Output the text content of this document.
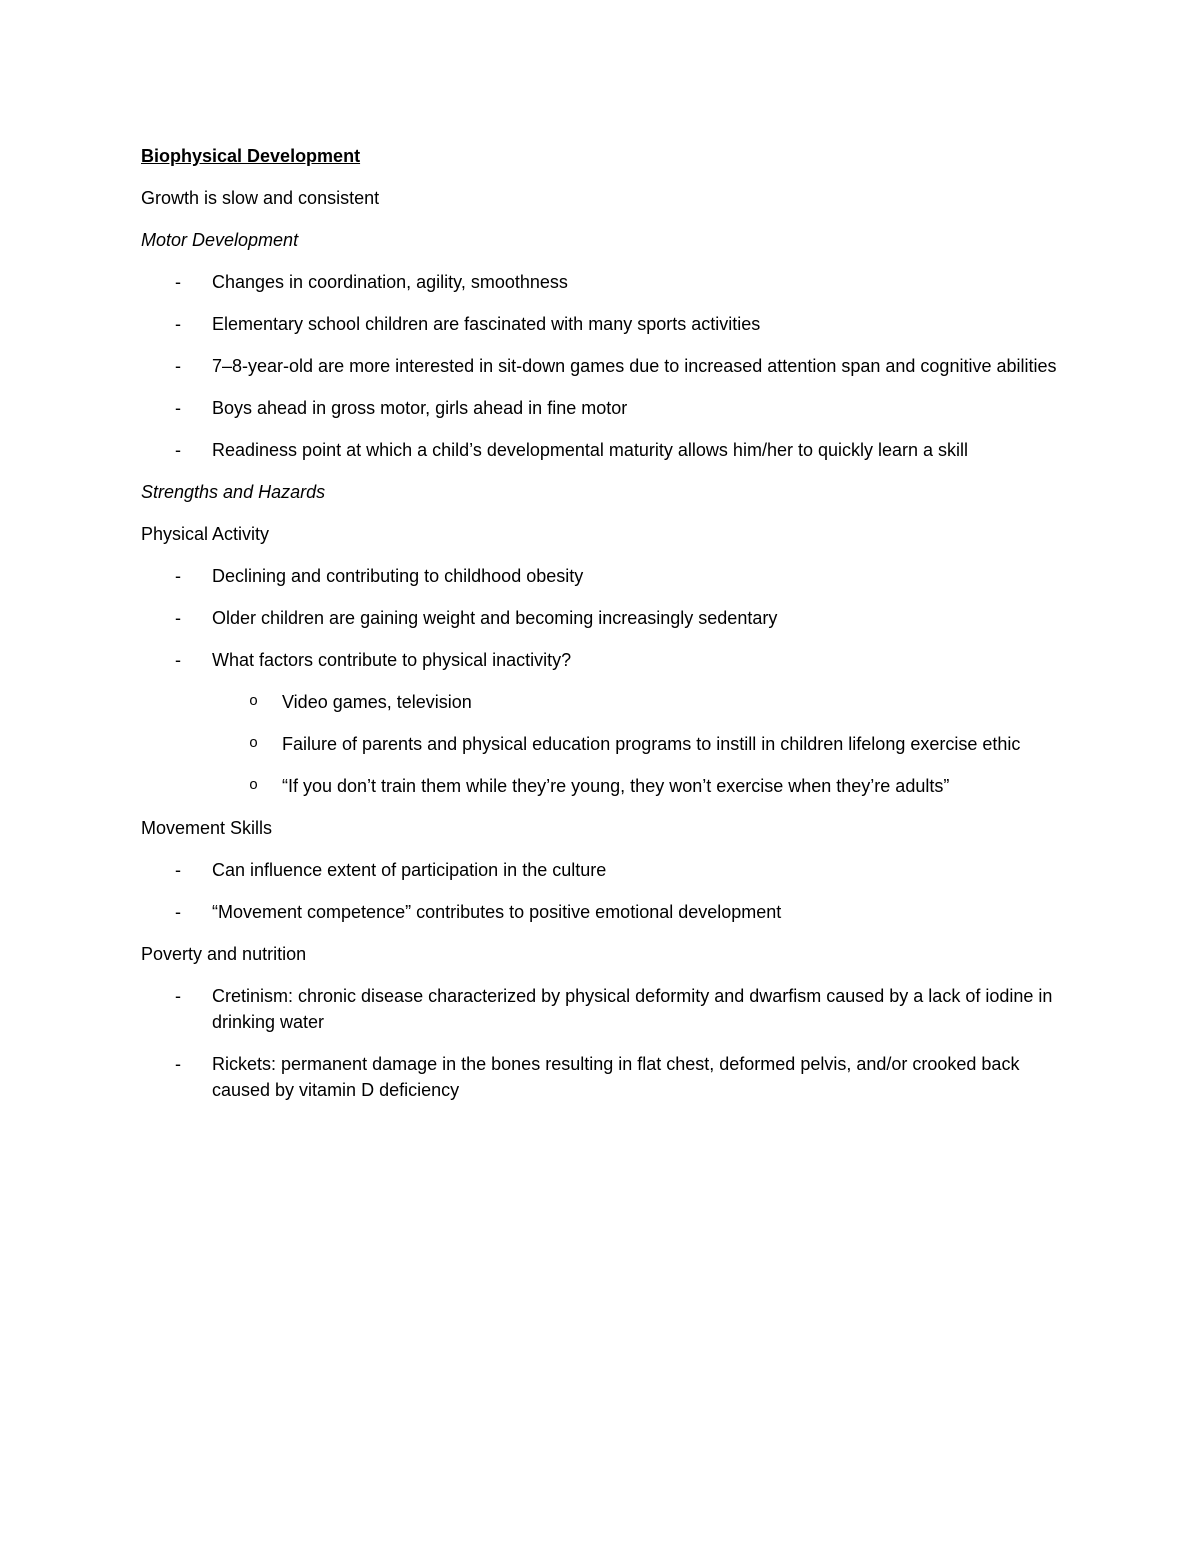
Biophysical Development

Growth is slow and consistent

Motor Development

- Changes in coordination, agility, smoothness
- Elementary school children are fascinated with many sports activities
- 7–8-year-old are more interested in sit-down games due to increased attention span and cognitive abilities
- Boys ahead in gross motor, girls ahead in fine motor
- Readiness point at which a child’s developmental maturity allows him/her to quickly learn a skill

Strengths and Hazards

Physical Activity

- Declining and contributing to childhood obesity
- Older children are gaining weight and becoming increasingly sedentary
- What factors contribute to physical inactivity?
o Video games, television
o Failure of parents and physical education programs to instill in children lifelong exercise ethic
o “If you don’t train them while they’re young, they won’t exercise when they’re adults”

Movement Skills

- Can influence extent of participation in the culture
- “Movement competence” contributes to positive emotional development

Poverty and nutrition

- Cretinism: chronic disease characterized by physical deformity and dwarfism caused by a lack of iodine in drinking water
- Rickets: permanent damage in the bones resulting in flat chest, deformed pelvis, and/or crooked back caused by vitamin D deficiency
